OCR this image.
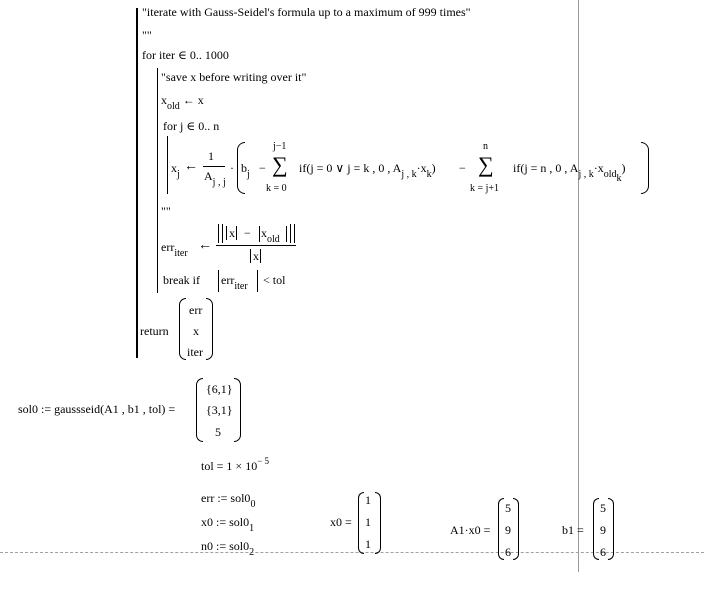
"iterate with Gauss-Seidel's formula up to a maximum of 999 times"
""
for iter ∈ 0.. 1000
"save x before writing over it"
$x_{old}$ ← x
for j ∈ 0.. n
$x_j$
←
1
$A_{j , j}$
· $b_j$ −
j−1
∑
k = 0
if(j = 0 ∨ j = k , 0 , $A_{j , k}\cdot x_k$) −
n
∑
k = j+1
if(j = n , 0 , $A_{j , k}\cdot x_{oldk}$)
""
err$_{iter}$
←
$x - x_{old}$
x
break if err$_{iter}$ < tol
return
err
x
iter
sol0 := gaussseid(A1 , b1 , tol) =
{6,1}
{3,1}
5
tol = $1 \times 10^{- 5}$
err := $sol0_0$
x0 := $sol0_1$
n0 := $sol0_2$
x0 =
1
1
1
A1·x0 =
5
9
6
b1 =
5
9
6
